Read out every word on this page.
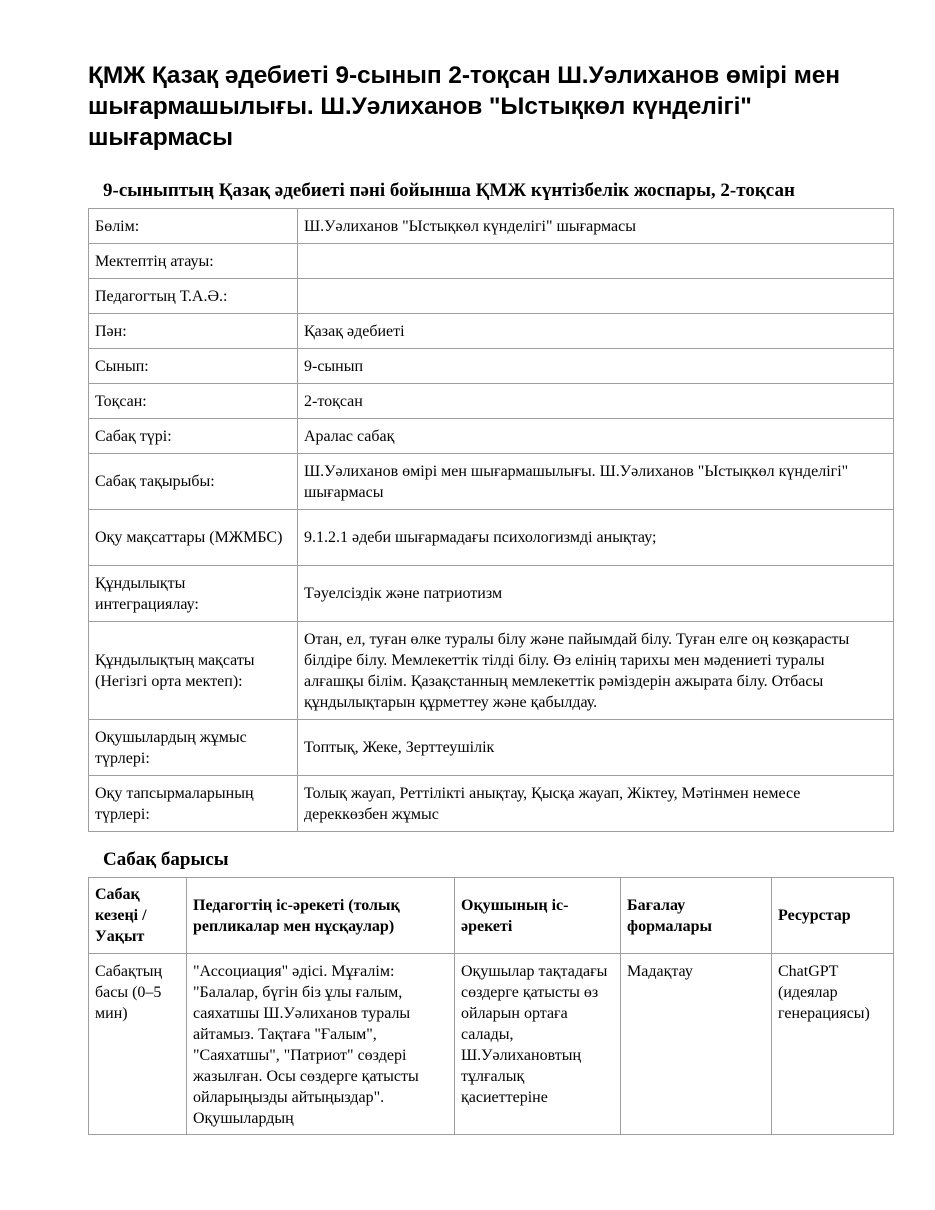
ҚМЖ Қазақ әдебиеті 9-сынып 2-тоқсан Ш.Уәлиханов өмірі мен шығармашылығы. Ш.Уәлиханов "Ыстықкөл күнделігі" шығармасы
9-сыныптың Қазақ әдебиеті пәні бойынша ҚМЖ күнтізбелік жоспары, 2-тоқсан
Бөлім:	Ш.Уәлиханов "Ыстықкөл күнделігі" шығармасы
Мектептің атауы:	
Педагогтың Т.А.Ә.:	
Пән:	Қазақ әдебиеті
Сынып:	9-сынып
Тоқсан:	2-тоқсан
Сабақ түрі:	Аралас сабақ
Сабақ тақырыбы:	Ш.Уәлиханов өмірі мен шығармашылығы. Ш.Уәлиханов "Ыстықкөл күнделігі" шығармасы
Оқу мақсаттары (МЖМБС)	9.1.2.1 әдеби шығармадағы психологизмді анықтау;
Құндылықты интеграциялау:	Тәуелсіздік және патриотизм
Құндылықтың мақсаты (Негізгі орта мектеп):	Отан, ел, туған өлке туралы білу және пайымдай білу. Туған елге оң көзқарасты білдіре білу. Мемлекеттік тілді білу. Өз елінің тарихы мен мәдениеті туралы алғашқы білім. Қазақстанның мемлекеттік рәміздерін ажырата білу. Отбасы құндылықтарын құрметтеу және қабылдау.
Оқушылардың жұмыс түрлері:	Топтық, Жеке, Зерттеушілік
Оқу тапсырмаларының түрлері:	Толық жауап, Реттілікті анықтау, Қысқа жауап, Жіктеу, Мәтінмен немесе дереккөзбен жұмыс
Сабақ барысы
Сабақ кезеңі / Уақыт	Педагогтің іс-әрекеті (толық репликалар мен нұсқаулар)	Оқушының іс-әрекеті	Бағалау формалары	Ресурстар
Сабақтың басы (0–5 мин)	"Ассоциация" әдісі. Мұғалім: "Балалар, бүгін біз ұлы ғалым, саяхатшы Ш.Уәлиханов туралы айтамыз. Тақтаға "Ғалым", "Саяхатшы", "Патриот" сөздері жазылған. Осы сөздерге қатысты ойларыңызды айтыңыздар". Оқушылардың	Оқушылар тақтадағы сөздерге қатысты өз ойларын ортаға салады, Ш.Уәлихановтың тұлғалық қасиеттеріне	Мадақтау	ChatGPT (идеялар генерациясы)
